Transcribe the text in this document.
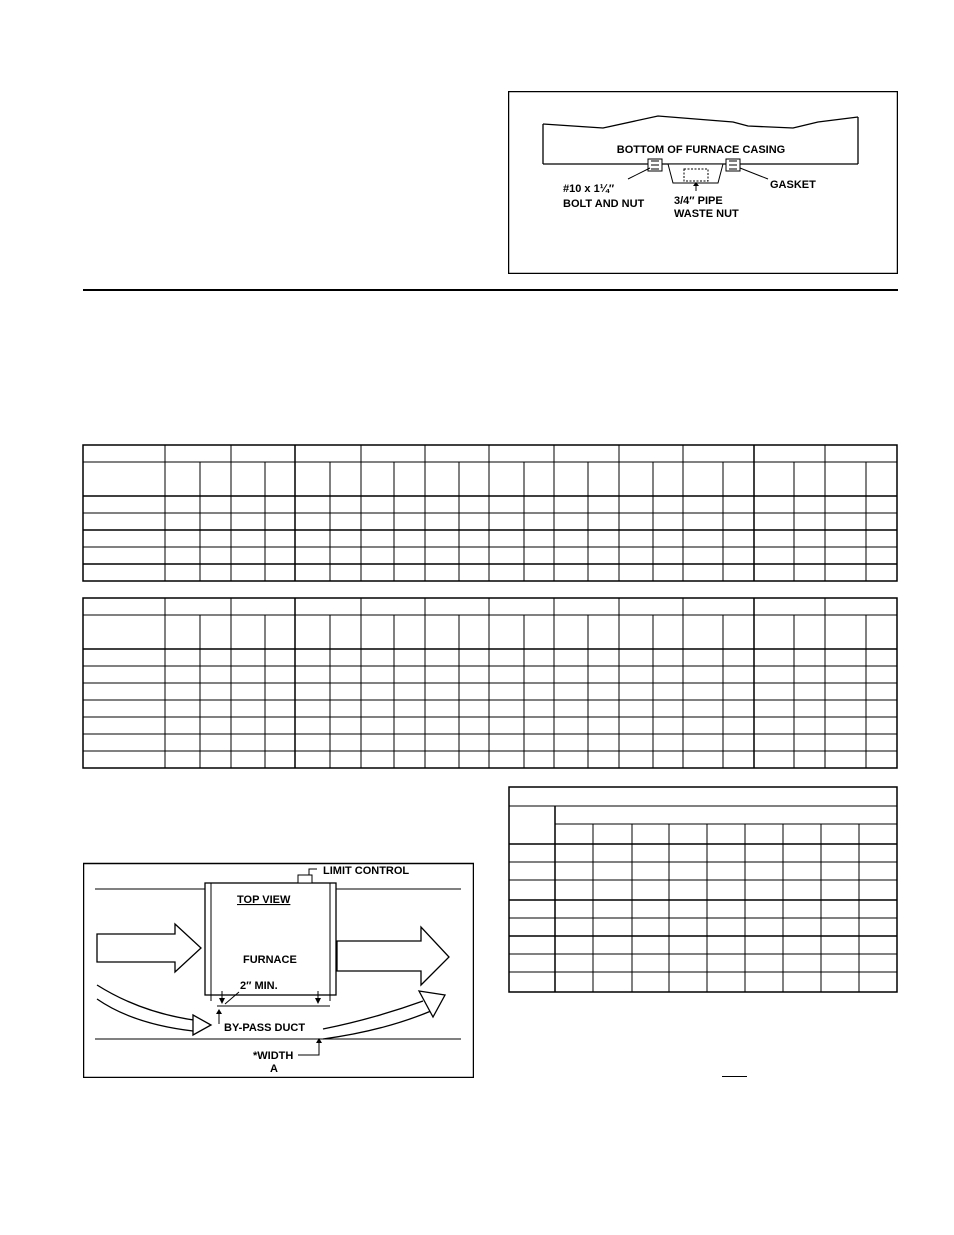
BOTTOM OF FURNACE CASING
#10 x 1¼″
BOLT AND NUT	3/4″ PIPE
WASTE NUT
GASKET
LIMIT CONTROL
TOP VIEW
FURNACE
2″ MIN.
BY-PASS DUCT
*WIDTH
A
